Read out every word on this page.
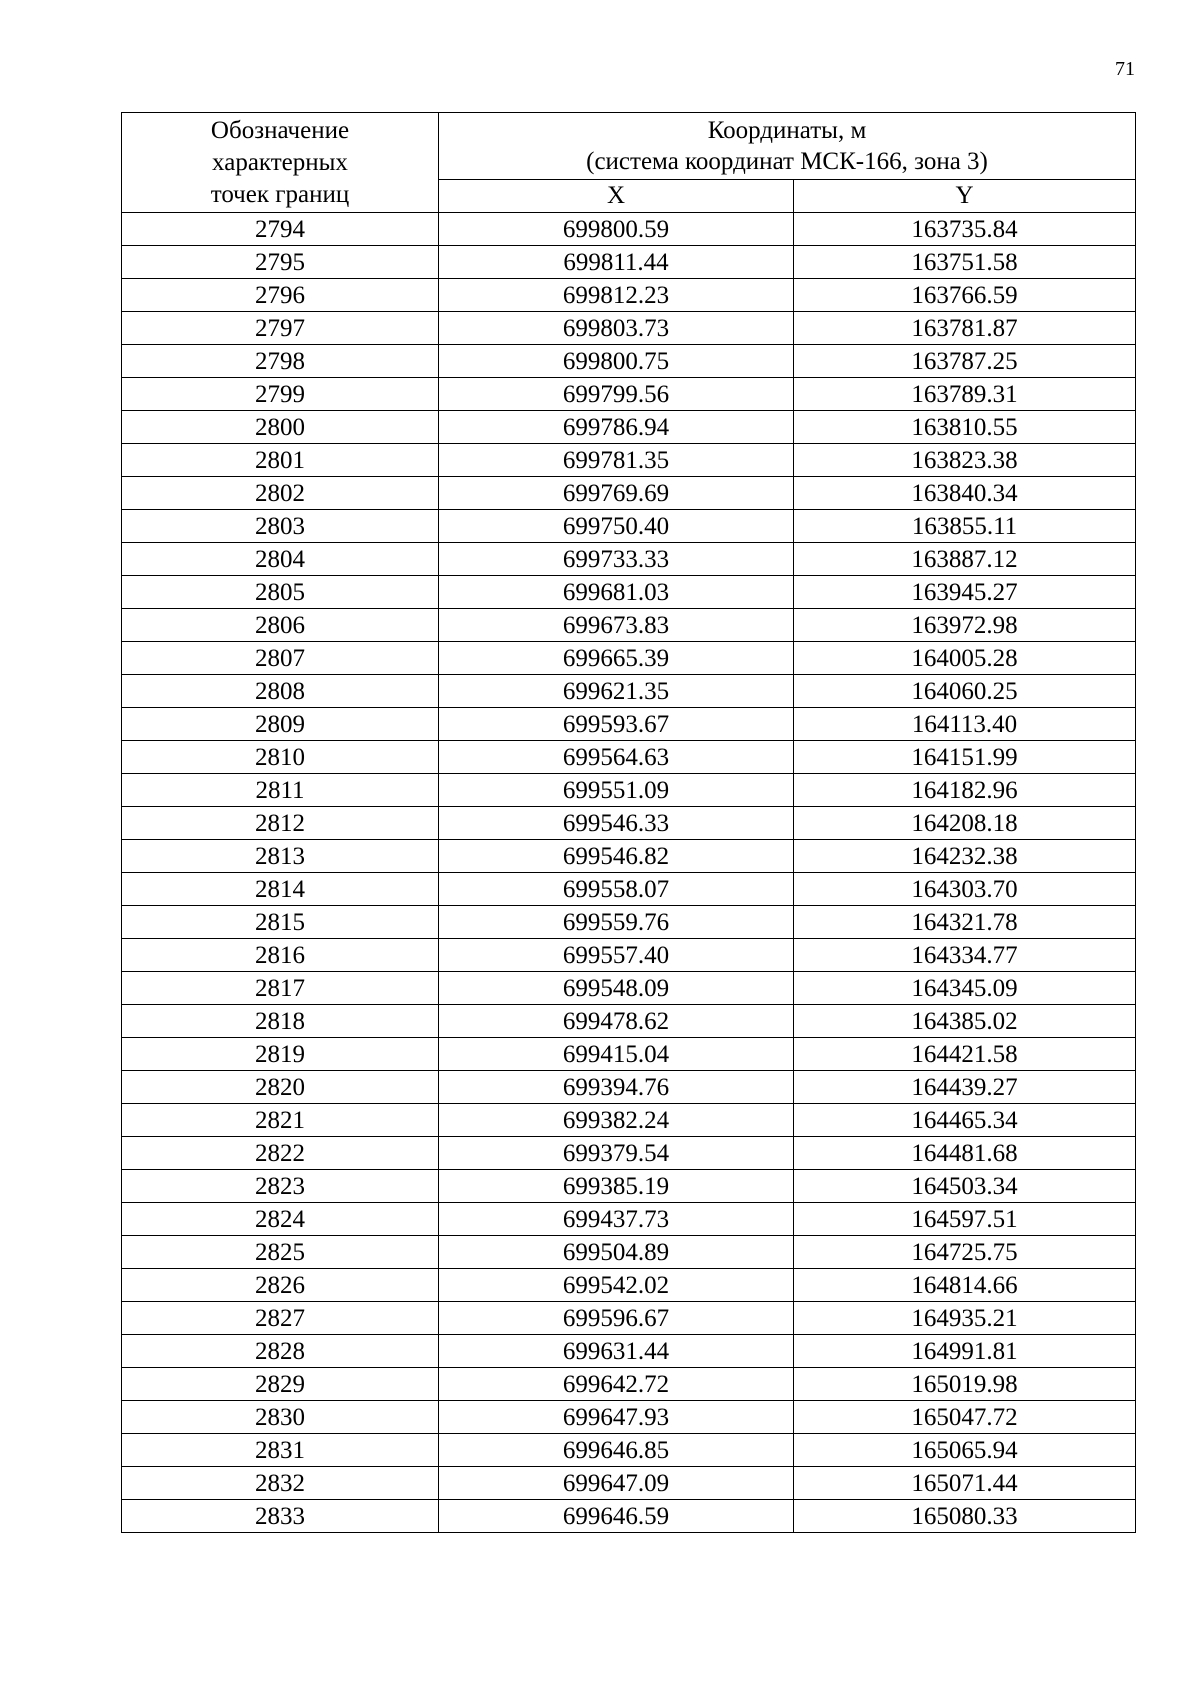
71
Обозначение
характерных
точек границ	Координаты, м
(система координат МСК-166, зона 3)	

	X	Y
2794	699800.59	163735.84
2795	699811.44	163751.58
2796	699812.23	163766.59
2797	699803.73	163781.87
2798	699800.75	163787.25
2799	699799.56	163789.31
2800	699786.94	163810.55
2801	699781.35	163823.38
2802	699769.69	163840.34
2803	699750.40	163855.11
2804	699733.33	163887.12
2805	699681.03	163945.27
2806	699673.83	163972.98
2807	699665.39	164005.28
2808	699621.35	164060.25
2809	699593.67	164113.40
2810	699564.63	164151.99
2811	699551.09	164182.96
2812	699546.33	164208.18
2813	699546.82	164232.38
2814	699558.07	164303.70
2815	699559.76	164321.78
2816	699557.40	164334.77
2817	699548.09	164345.09
2818	699478.62	164385.02
2819	699415.04	164421.58
2820	699394.76	164439.27
2821	699382.24	164465.34
2822	699379.54	164481.68
2823	699385.19	164503.34
2824	699437.73	164597.51
2825	699504.89	164725.75
2826	699542.02	164814.66
2827	699596.67	164935.21
2828	699631.44	164991.81
2829	699642.72	165019.98
2830	699647.93	165047.72
2831	699646.85	165065.94
2832	699647.09	165071.44
2833	699646.59	165080.33
